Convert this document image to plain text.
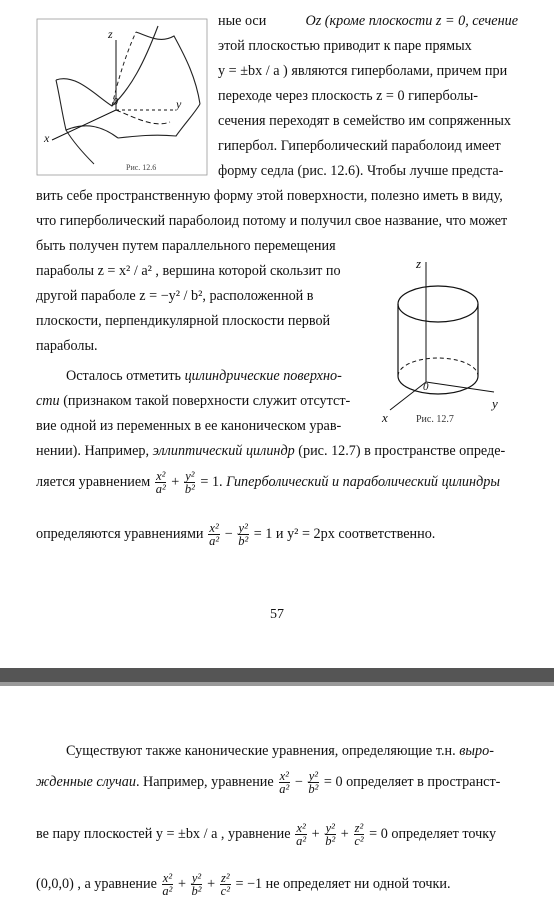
z
y
x
0
Рис. 12.6
z
y
x
0
Рис. 12.7
ные оси	Oz (кроме плоскости z = 0, сечение
этой плоскостью приводит к паре прямых
y = ±bx / a ) являются гиперболами, причем при
переходе через плоскость z = 0 гиперболы-
сечения переходят в семейство им сопряженных
гипербол. Гиперболический параболоид имеет
форму седла (рис. 12.6). Чтобы лучше предста-
вить себе пространственную форму этой поверхности, полезно иметь в виду,
что гиперболический параболоид потому и получил свое название, что может
быть получен путем параллельного перемещения
параболы z = x² / a² , вершина которой скользит по
другой параболе z = −y² / b², расположенной в
плоскости, перпендикулярной плоскости первой
параболы.
Осталось отметить цилиндрические поверхно-
сти (признаком такой поверхности служит отсутст-
вие одной из переменных в ее каноническом урав-
нении). Например, эллиптический цилиндр (рис. 12.7) в пространстве опреде-
ляется уравнением $\frac{\text{x²}}{\text{a²}} + \frac{\text{y²}}{\text{b²}} = 1$. Гиперболический и параболический цилиндры
определяются уравнениями $\frac{\text{x²}}{\text{a²}} - \frac{\text{y²}}{\text{b²}} = 1$ и y² = 2px соответственно.
57
Существуют также канонические уравнения, определяющие т.н. выро-
жденные случаи. Например, уравнение $\frac{\text{x²}}{\text{a²}} - \frac{\text{y²}}{\text{b²}} = 0$ определяет в пространст-
ве пару плоскостей y = ±bx / a , уравнение $\frac{\text{x²}}{\text{a²}} + \frac{\text{y²}}{\text{b²}} + \frac{\text{z²}}{\text{c²}} = 0$ определяет точку
(0,0,0) , а уравнение $\frac{\text{x²}}{\text{a²}} + \frac{\text{y²}}{\text{b²}} + \frac{\text{z²}}{\text{c²}} = -1$ не определяет ни одной точки.
